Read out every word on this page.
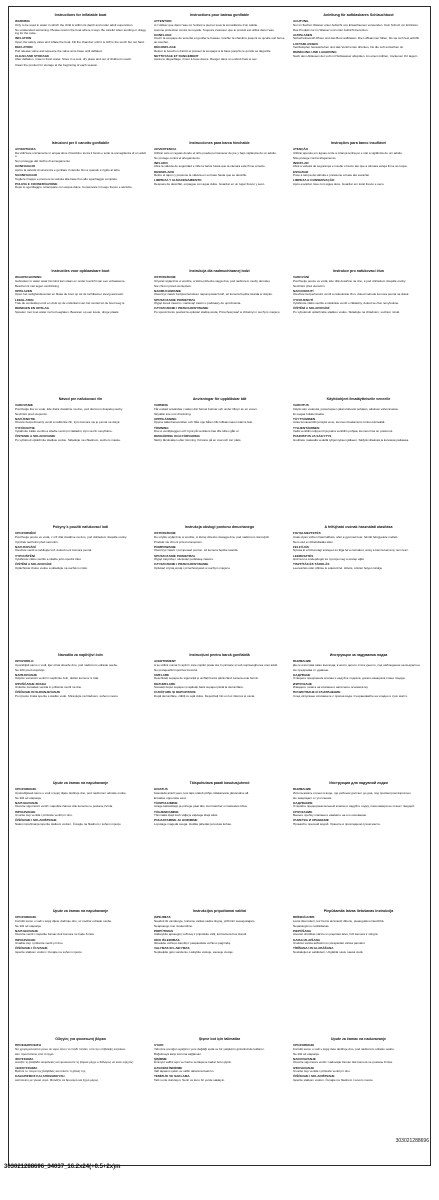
Instructions for inflatable boat
WARNING
Only to be used in water in which the child is within its depth and under adult supervision.
No unattended swimming. Please read in the boat where it says. Be careful when tending or dragging for the raise.
INFLATION
Open the safety valve and inflate the boat. Fill the chamber until it is stiff to the touch but not hard.
DEFLATION
Pull release valve and squeeze the valve at its base until deflated.
CLEAN AND STORAGE
After deflation, rinse in fresh water. Store in a cool, dry place and out of children's reach.
Clean the product for storage at the beginning of each season.
Instructions pour bateau gonflable
ATTENTION
A n'utiliser que dans l'eau où l'enfant a pied et sous la surveillance d'un adulte.
Aucune protection contre la noyade. Toujours s'assurer que le produit est utilisé dans l'eau.
GONFLAGE
Ouvrir la soupape de sécurité et gonfler le bateau. Gonfler la chambre jusqu'à ce qu'elle soit ferme au toucher.
DÉGONFLAGE
Retirer le bouchon d'arrêt et presser la soupape à la base jusqu'à ce qu'elle se dégonfle.
NETTOYAGE ET RANGEMENT
Après le dégonflage, rincer à l'eau douce. Ranger dans un endroit frais et sec.
Anleitung für aufblasbares Schlauchboot
ACHTUNG
Nur im flachen Wasser unter Aufsicht von Erwachsenen verwenden. Kein Schutz vor Ertrinken.
Das Produkt nur im Wasser und unter Aufsicht benutzen.
AUFBLASEN
Sicherheitsventil öffnen und das Boot aufblasen. Die Luftkammer füllen, bis sie sich fest anfühlt.
LUFTABLASSEN
Ventilstopfen herausziehen und das Ventil unten drücken, bis die Luft entwichen ist.
REINIGUNG UND LAGERUNG
Nach dem Ablassen der Luft mit Süßwasser abspülen. An einem kühlen, trockenen Ort lagern.
Istruzioni per il canotto gonfiabile
AVVERTENZA
Da utilizzare unicamente in acqua dove il bambino tocca il fondo e sotto la sorveglianza di un adulto.
Non protegge dal rischio di annegamento.
GONFIAGGIO
Aprire la valvola di sicurezza e gonfiare il canotto fino a quando è rigido al tatto.
SGONFIAGGIO
Togliere il tappo e premere la valvola alla base fino allo sgonfiaggio completo.
PULIZIA E CONSERVAZIONE
Dopo lo sgonfiaggio, sciacquare con acqua dolce. Conservare in luogo fresco e asciutto.
Instrucciones para barca hinchable
ADVERTENCIA
Utilizar solo en aguas donde el niño pueda permanecer de pie y bajo vigilancia de un adulto.
No protege contra el ahogamiento.
INFLADO
Abra la válvula de seguridad e infle la barca hasta que la cámara esté firme al tacto.
DESINFLADO
Retire el tapón y presione la válvula en su base hasta que se desinfle.
LIMPIEZA Y ALMACENAMIENTO
Después de desinflar, enjuague con agua dulce. Guardar en un lugar fresco y seco.
Instruções para barco insuflável
ATENÇÃO
Utilizar apenas em águas onde a criança tenha pé e sob a vigilância de um adulto.
Não protege contra afogamento.
INSUFLAR
Abra a válvula de segurança e insufle o barco até que a câmara esteja firme ao toque.
ESVAZIAR
Puxe a tampa da válvula e pressione a base até esvaziar.
LIMPEZA E CONSERVAÇÃO
Após esvaziar, lave com água doce. Guardar em local fresco e seco.
Instructies voor opblaasbare boot
WAARSCHUWING
Gebruiken in water waar het kind kan staan en onder toezicht van een volwassene.
Beschermt niet tegen verdrinking.
OPBLAZEN
Open het veiligheidsventiel en blaas de boot op tot de luchtkamer stevig aanvoelt.
LEEGLATEN
Trek de ventieldop eruit en druk op de onderkant van het ventiel tot de boot leeg is.
REINIGEN EN OPSLAG
Spoelen met zoet water na het leeglaten. Bewaren op een koele, droge plaats.
Instrukcja dla nadmuchiwanej łodzi
OSTRZEŻENIE
Używać wyłącznie w wodzie, w której dziecko sięga dna, pod nadzorem osoby dorosłej.
Nie chroni przed utonięciem.
NADMUCHIWANIE
Otworzyć zawór bezpieczeństwa i napompować łódź, aż komora będzie twarda w dotyku.
SPUSZCZANIE POWIETRZA
Wyjąć korek zaworu i nacisnąć zawór u podstawy do opróżnienia.
CZYSZCZENIE I PRZECHOWYWANIE
Po spuszczeniu powietrza opłukać słodką wodą. Przechowywać w chłodnym i suchym miejscu.
Instrukce pro nafukovací člun
VAROVÁNÍ
Používejte pouze ve vodě, kde dítě dosáhne na dno, a pod dohledem dospělé osoby.
Nechrání před utonutím.
NAFOUKNUTÍ
Otevřete bezpečnostní ventil a nafoukněte člun, dokud nebude komora pevná na dotek.
VYFOUKNUTÍ
Vytáhněte zátku ventilu a stiskněte ventil u základny, dokud se člun nevyfoukne.
ČIŠTĚNÍ A SKLADOVÁNÍ
Po vyfouknutí opláchněte sladkou vodou. Skladujte na chladném, suchém místě.
Návod pre nafukovací čln
VAROVANIE
Používajte iba vo vode, kde dieťa dosiahne na dno, pod dozorom dospelej osoby.
Nechráni pred utopením.
NAFÚKNUTIE
Otvorte bezpečnostný ventil a nafúknite čln, kým komora nie je pevná na dotyk.
VYFÚKNUTIE
Vytiahnite zátku ventilu a stlačte ventil pri základni, kým sa čln nevyfúkne.
ČISTENIE A SKLADOVANIE
Po vyfúknutí opláchnite sladkou vodou. Skladujte na chladnom, suchom mieste.
Anvisningar för uppblåsbar båt
VARNING
Får endast användas i vatten där barnet bottnar och under tillsyn av en vuxen.
Skyddar inte mot drunkning.
UPPBLÅSNING
Öppna säkerhetsventilen och blås upp båten tills luftkammaren känns fast.
TÖMNING
Dra ut ventilpluggen och tryck på ventilens bas tills luften gått ur.
RENGÖRING OCH FÖRVARING
Skölj i färskvatten efter tömning. Förvara på en sval och torr plats.
Käyttöohjeet ilmatäytteiselle veneelle
VAROITUS
Käytä vain vedessä, jossa lapsen jalat ulottuvat pohjaan, aikuisen valvonnassa.
Ei suojaa hukkumiselta.
TÄYTTÄMINEN
Avaa turvaventtiili ja täytä vene, kunnes ilmakammio tuntuu kiinteältä.
TYHJENTÄMINEN
Vedä venttiilin tulppa irti ja paina venttiilin pohjaa, kunnes ilma on poistunut.
PUHDISTUS JA SÄILYTYS
Huuhtele makealla vedellä tyhjennyksen jälkeen. Säilytä viileässä ja kuivassa paikassa.
Pokyny k použití nafukovací lodi
UPOZORNĚNÍ
Používejte pouze ve vodě, v níž dítě dosáhne na dno, pod dohledem dospělé osoby.
Výrobek nechrání před utonutím.
NAFUKOVÁNÍ
Otevřete ventil a nafukujte loď, dokud není komora pevná.
VYPOUŠTĚNÍ
Vytáhněte zátku ventilu a stlačte jeho spodní část.
ČIŠTĚNÍ A SKLADOVÁNÍ
Opláchněte čistou vodou a skladujte na suchém místě.
Instrukcja obsługi pontonu dmuchanego
OSTRZEŻENIE
Do użytku wyłącznie w wodzie, w której dziecko dosięga dna, pod nadzorem dorosłych.
Produkt nie chroni przed utonięciem.
POMPOWANIE
Otworzyć zawór i pompować ponton, aż komora będzie twarda.
SPUSZCZANIE POWIETRZA
Wyjąć zatyczkę i nacisnąć podstawę zaworu.
CZYSZCZENIE I PRZECHOWYWANIE
Opłukać czystą wodą i przechowywać w suchym miejscu.
A felfújható csónak használati utasítása
FIGYELMEZTETÉS
Csak olyan vízben használható, ahol a gyermek leér, felnőtt felügyelete mellett.
Nem véd a vízbefulladás ellen.
FELFÚJÁS
Nyissa ki a biztonsági szelepet és fújja fel a csónakot, amíg a kamra kemény nem lesz.
LEERESZTÉS
Húzza ki a szelepdugót és nyomja meg a szelep alját.
TISZTÍTÁS ÉS TÁROLÁS
Leeresztés után öblítse le édesvízzel. Hűvös, száraz helyen tárolja.
Navodila za napihljivi čoln
OPOZORILO
Uporabljati samo v vodi, kjer otrok doseže dno, pod nadzorom odrasle osebe.
Ne ščiti pred utopitvijo.
NAPIHOVANJE
Odprite varnostni ventil in napihnite čoln, dokler komora ni trda.
IZPUŠČANJE ZRAKA
Izvlecite zamašek ventila in pritisnite ventil na dnu.
ČIŠČENJE IN SHRANJEVANJE
Po izpustu zraka sperite s sladko vodo. Shranjujte na hladnem, suhem mestu.
Instrucțiuni pentru barcă gonflabilă
AVERTISMENT
A se utiliza numai în apă în care copilul poate sta în picioare și sub supravegherea unui adult.
Nu protejează împotriva înecului.
UMFLARE
Deschideți supapa de siguranță și umflați barca până când camera este fermă.
DEZUMFLARE
Scoateți dopul supapei și apăsați baza supapei până la dezumflare.
CURĂȚARE ȘI DEPOZITARE
După dezumflare, clătiți cu apă dulce. Depozitați într-un loc răcoros și uscat.
Инструкции за надуваема лодка
ВНИМАНИЕ
Да се използва само във вода, в която детето стига дъното, под наблюдение на възрастен.
Не предпазва от удавяне.
НАДУВАНЕ
Отворете предпазния клапан и надуйте лодката, докато камерата стане твърда.
ИЗПУСКАНЕ
Извадете тапата на клапана и натиснете основата му.
ПОЧИСТВАНЕ И СЪХРАНЕНИЕ
След изпускане изплакнете с прясна вода. Съхранявайте на хладно и сухо място.
Upute za čamac na napuhavanje
UPOZORENJE
Upotrebljavati samo u vodi u kojoj dijete dodiruje dno, pod nadzorom odrasle osobe.
Ne štiti od utapanja.
NAPUHAVANJE
Otvorite sigurnosni ventil i napušite čamac dok komora ne postane čvrsta.
ISPUHIVANJE
Izvucite čep ventila i pritisnite ventil pri dnu.
ČIŠĆENJE I SKLADIŠTENJE
Nakon ispuhivanja isperite slatkom vodom. Čuvajte na hladnom i suhom mjestu.
Täispuhutava paadi kasutusjuhend
HOIATUS
Kasutada ainult vees, kus laps ulatub põhja, täiskasvanu järelevalve all.
Ei kaitse uppumise eest.
TÄISPUHUMINE
Avage kaitseklapp ja puhuge paat täis, kuni kamber on katsudes kõva.
TÜHJENDAMINE
Tõmmake klapi kork välja ja vajutage klapi alust.
PUHASTAMINE JA HOIDMINE
Loputage mageda veega. Hoidke jahedas ja kuivas kohas.
Инструкция для надувной лодки
ВНИМАНИЕ
Использовать только в воде, где ребенок достает до дна, под присмотром взрослых.
Не защищает от утопления.
НАДУВАНИЕ
Откройте предохранительный клапан и надуйте лодку, пока камера не станет твердой.
СПУСКАНИЕ
Выньте пробку клапана и нажмите на его основание.
ОЧИСТКА И ХРАНЕНИЕ
Промойте пресной водой. Хранить в прохладном сухом месте.
Upute za čamac na napuhavanje
UPOZORENJE
Koristiti samo u vodi u kojoj dijete dodiruje dno, uz nadzor odrasle osobe.
Ne štiti od utapanja.
NAPUHAVANJE
Otvorite ventil i napušite čamac dok komora ne bude čvrsta.
ISPUHIVANJE
Izvadite čep i pritisnite ventil pri dnu.
ČIŠĆENJE I ČUVANJE
Isperite slatkom vodom i čuvajte na suhom mjestu.
Instrukcijos pripučiamai valčiai
ĮSPĖJIMAS
Naudoti tik vandenyje, kuriame vaikas siekia dugną, prižiūrint suaugusiajam.
Neapsaugo nuo nuskendimo.
PRIPŪTIMAS
Atidarykite apsauginį vožtuvą ir pripūskite valtį, kol kamera bus standi.
ORO IŠLEIDIMAS
Ištraukite vožtuvo kamštį ir paspauskite vožtuvo pagrindą.
VALYMAS IR LAIKYMAS
Nuplaukite gėlu vandeniu. Laikykite vėsioje, sausoje vietoje.
Piepūšamās laivas lietošanas instrukcija
BRĪDINĀJUMS
Lietot tikai ūdenī, kur bērns aizsniedz dibenu, pieaugušā uzraudzībā.
Nepasargā no noslīkšanas.
PIEPŪŠANA
Atveriet drošības vārstu un piepūtiet laivu, līdz kamera ir stingra.
GAISA IZLAIŠANA
Izvelciet vārsta aizbāzni un piespiediet vārsta pamatni.
TĪRĪŠANA UN GLABĀŠANA
Noskalojiet ar saldūdeni. Uzglabāt vēsā, sausā vietā.
Οδηγίες για φουσκωτή βάρκα
ΠΡΟΕΙΔΟΠΟΙΗΣΗ
Να χρησιμοποιείται μόνο σε νερό όπου το παιδί πατάει, υπό την επίβλεψη ενηλίκου.
Δεν προστατεύει από πνιγμό.
ΦΟΥΣΚΩΜΑ
Ανοίξτε τη βαλβίδα ασφαλείας και φουσκώστε τη βάρκα μέχρι ο θάλαμος να είναι σφιχτός.
ΞΕΦΟΥΣΚΩΜΑ
Βγάλτε το πώμα της βαλβίδας και πιέστε τη βάση της.
ΚΑΘΑΡΙΣΜΟΣ ΚΑΙ ΑΠΟΘΗΚΕΥΣΗ
Ξεπλύνετε με γλυκό νερό. Φυλάξτε σε δροσερό και ξηρό μέρος.
Şişme bot için talimatlar
UYARI
Yalnızca çocuğun ayağının yere değdiği suda ve bir yetişkinin gözetiminde kullanın.
Boğulmaya karşı koruma sağlamaz.
ŞİŞİRME
Emniyet valfini açın ve hazne sertleşene kadar botu şişirin.
HAVASINI İNDİRME
Valf tapasını çekin ve valfin tabanına bastırın.
TEMİZLİK VE SAKLAMA
Tatlı su ile durulayın. Serin ve kuru bir yerde saklayın.
Upute za čamac na naduvavanje
UPOZORENJE
Koristiti samo u vodi u kojoj dete dodiruje dno, pod nadzorom odrasle osobe.
Ne štiti od utapanja.
NADUVAVANJE
Otvorite sigurnosni ventil i naduvajte čamac dok komora ne postane čvrsta.
IZDUVAVANJE
Izvucite čep ventila i pritisnite ventil pri dnu.
ČIŠĆENJE I SKLADIŠTENJE
Isperite slatkom vodom. Čuvajte na hladnom i suvom mestu.
303021288696
303021288696_34037_16.2x24(+0.5+2x)m
